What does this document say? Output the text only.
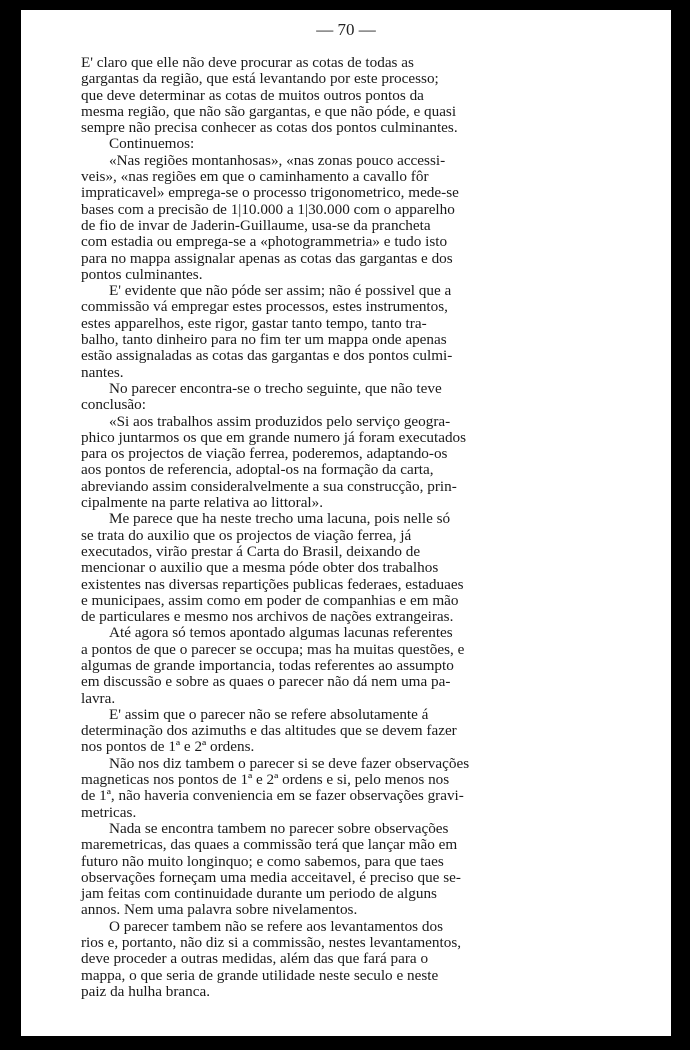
— 70 —
E' claro que elle não deve procurar as cotas de todas as
gargantas da região, que está levantando por este processo;
que deve determinar as cotas de muitos outros pontos da
mesma região, que não são gargantas, e que não póde, e quasi
sempre não precisa conhecer as cotas dos pontos culminantes.
Continuemos:
«Nas regiões montanhosas», «nas zonas pouco accessi-
veis», «nas regiões em que o caminhamento a cavallo fôr
impraticavel» emprega-se o processo trigonometrico, mede-se
bases com a precisão de 1|10.000 a 1|30.000 com o apparelho
de fio de invar de Jaderin-Guillaume, usa-se da prancheta
com estadia ou emprega-se a «photogrammetria» e tudo isto
para no mappa assignalar apenas as cotas das gargantas e dos
pontos culminantes.
E' evidente que não póde ser assim; não é possivel que a
commissão vá empregar estes processos, estes instrumentos,
estes apparelhos, este rigor, gastar tanto tempo, tanto tra-
balho, tanto dinheiro para no fim ter um mappa onde apenas
estão assignaladas as cotas das gargantas e dos pontos culmi-
nantes.
No parecer encontra-se o trecho seguinte, que não teve
conclusão:
«Si aos trabalhos assim produzidos pelo serviço geogra-
phico juntarmos os que em grande numero já foram executados
para os projectos de viação ferrea, poderemos, adaptando-os
aos pontos de referencia, adoptal-os na formação da carta,
abreviando assim consideralvelmente a sua construcção, prin-
cipalmente na parte relativa ao littoral».
Me parece que ha neste trecho uma lacuna, pois nelle só
se trata do auxilio que os projectos de viação ferrea, já
executados, virão prestar á Carta do Brasil, deixando de
mencionar o auxilio que a mesma póde obter dos trabalhos
existentes nas diversas repartições publicas federaes, estaduaes
e municipaes, assim como em poder de companhias e em mão
de particulares e mesmo nos archivos de nações extrangeiras.
Até agora só temos apontado algumas lacunas referentes
a pontos de que o parecer se occupa; mas ha muitas questões, e
algumas de grande importancia, todas referentes ao assumpto
em discussão e sobre as quaes o parecer não dá nem uma pa-
lavra.
E' assim que o parecer não se refere absolutamente á
determinação dos azimuths e das altitudes que se devem fazer
nos pontos de 1ª e 2ª ordens.
Não nos diz tambem o parecer si se deve fazer observações
magneticas nos pontos de 1ª e 2ª ordens e si, pelo menos nos
de 1ª, não haveria conveniencia em se fazer observações gravi-
metricas.
Nada se encontra tambem no parecer sobre observações
maremetricas, das quaes a commissão terá que lançar mão em
futuro não muito longinquo; e como sabemos, para que taes
observações forneçam uma media acceitavel, é preciso que se-
jam feitas com continuidade durante um periodo de alguns
annos. Nem uma palavra sobre nivelamentos.
O parecer tambem não se refere aos levantamentos dos
rios e, portanto, não diz si a commissão, nestes levantamentos,
deve proceder a outras medidas, além das que fará para o
mappa, o que seria de grande utilidade neste seculo e neste
paiz da hulha branca.
